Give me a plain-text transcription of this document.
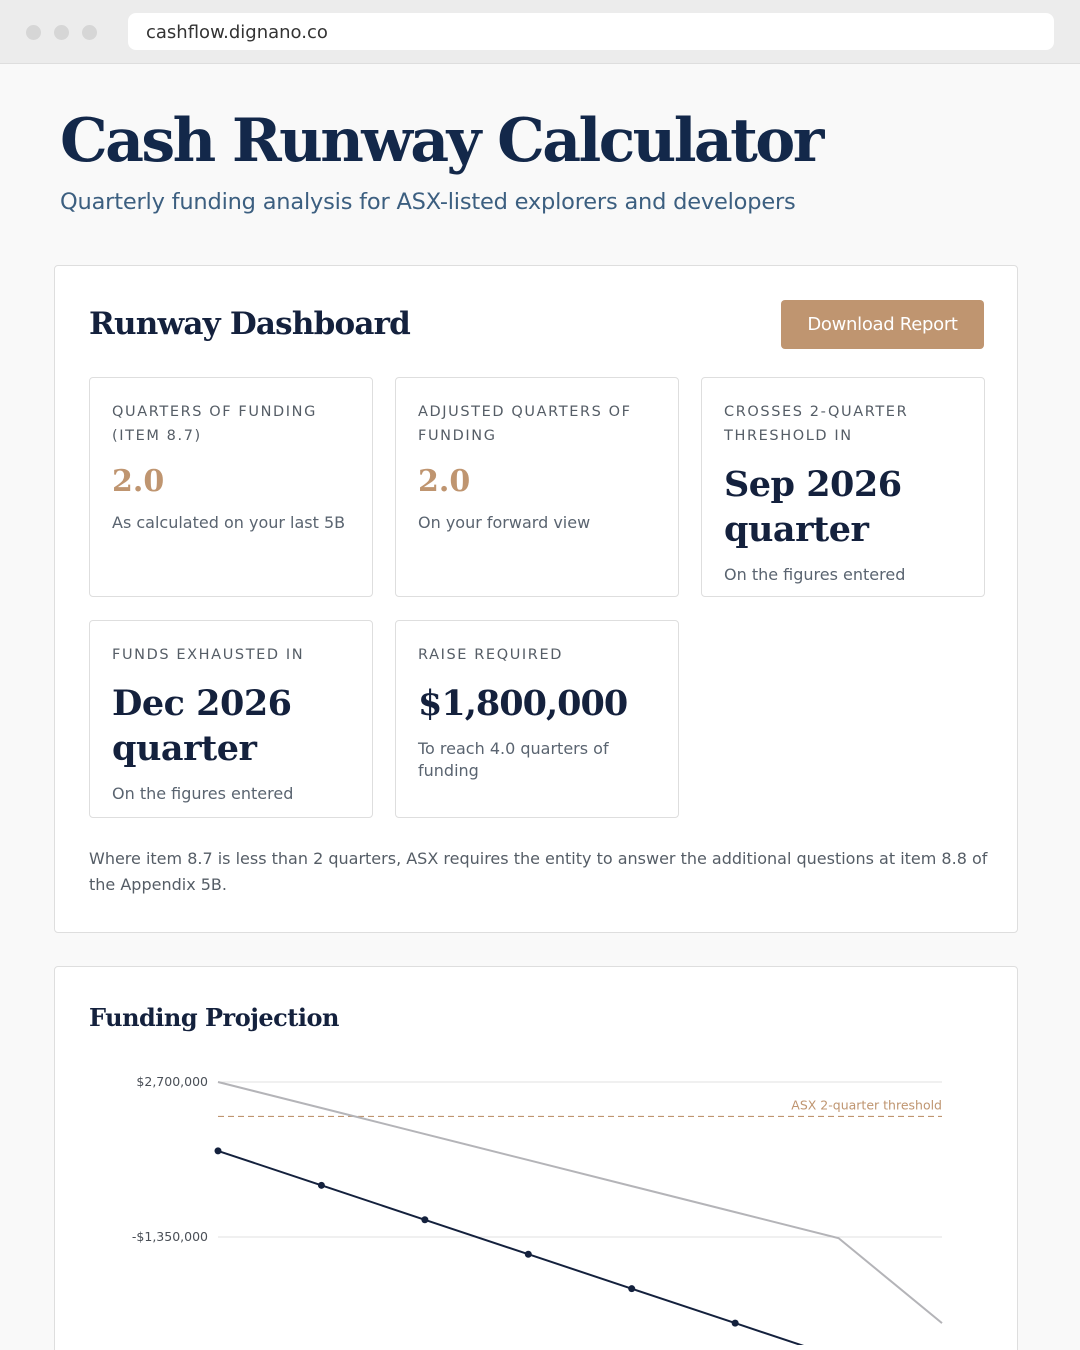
cashflow.dignano.co
Cash Runway Calculator

Quarterly funding analysis for ASX-listed explorers and developers

Runway Dashboard	Download Report
QUARTERS OF FUNDING (ITEM 8.7)
2.0
As calculated on your last 5B
ADJUSTED QUARTERS OF FUNDING
2.0
On your forward view
CROSSES 2-QUARTER THRESHOLD IN
Sep 2026
quarter
On the figures entered
FUNDS EXHAUSTED IN
Dec 2026
quarter
On the figures entered
RAISE REQUIRED
$1,800,000
To reach 4.0 quarters of funding

Where item 8.7 is less than 2 quarters, ASX requires the entity to answer the additional questions at item 8.8 of the Appendix 5B.

Funding Projection
$2,700,000
-$1,350,000
ASX 2-quarter threshold
